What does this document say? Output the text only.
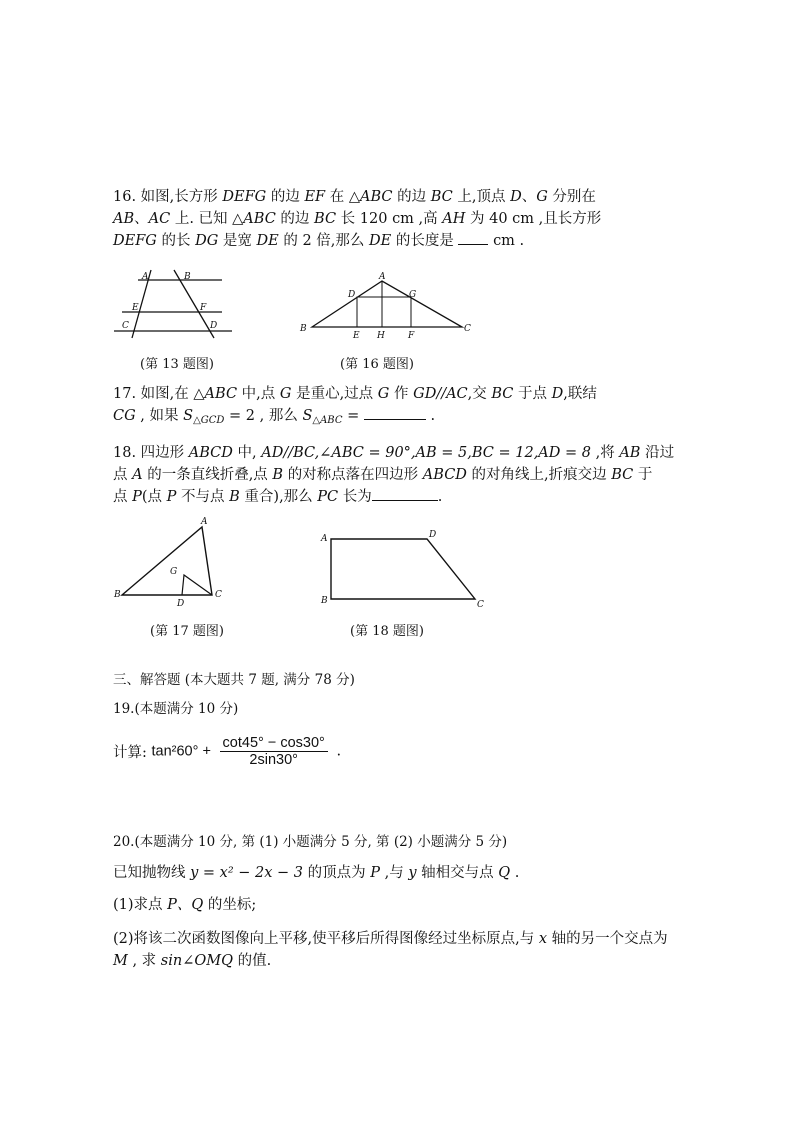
16. 如图,长方形 DEFG 的边 EF 在 △ABC 的边 BC 上,顶点 D、G 分别在
AB、AC 上. 已知 △ABC 的边 BC 长 120 cm ,高 AH 为 40 cm ,且长方形
DEFG 的长 DG 是宽 DE 的 2 倍,那么 DE 的长度是	cm .
A	B
E	F
C	D
(第 13 题图)
A
D	G
B
E H	F
C
(第 16 题图)
17. 如图,在 △ABC 中,点 G 是重心,过点 G 作 GD//AC,交 BC 于点 D,联结
CG , 如果 $S_{\triangle GCD} = 2$ , 那么 $S_{\triangle ABC}$ =	.
18. 四边形 ABCD 中, AD//BC,∠ABC = 90°,AB = 5,BC = 12,AD = 8 ,将 AB 沿过
点 A 的一条直线折叠,点 B 的对称点落在四边形 ABCD 的对角线上,折痕交边 BC 于
点 P(点 P 不与点 B 重合),那么 PC 长为	.
A
G
B
D
C
(第 17 题图)
A	D
B	C
(第 18 题图)
三、解答题 (本大题共 7 题, 满分 78 分)
19.(本题满分 10 分)
计算: $\tan^260^\circ + \frac{\cot 45^\circ - \cos 30^\circ}{2\sin 30^\circ}$ .
20.(本题满分 10 分, 第 (1) 小题满分 5 分, 第 (2) 小题满分 5 分)
已知抛物线 y = x² − 2x − 3 的顶点为 P ,与 y 轴相交与点 Q .
(1)求点 P、Q 的坐标;
(2)将该二次函数图像向上平移,使平移后所得图像经过坐标原点,与 x 轴的另一个交点为
M , 求 sin∠OMQ 的值.
